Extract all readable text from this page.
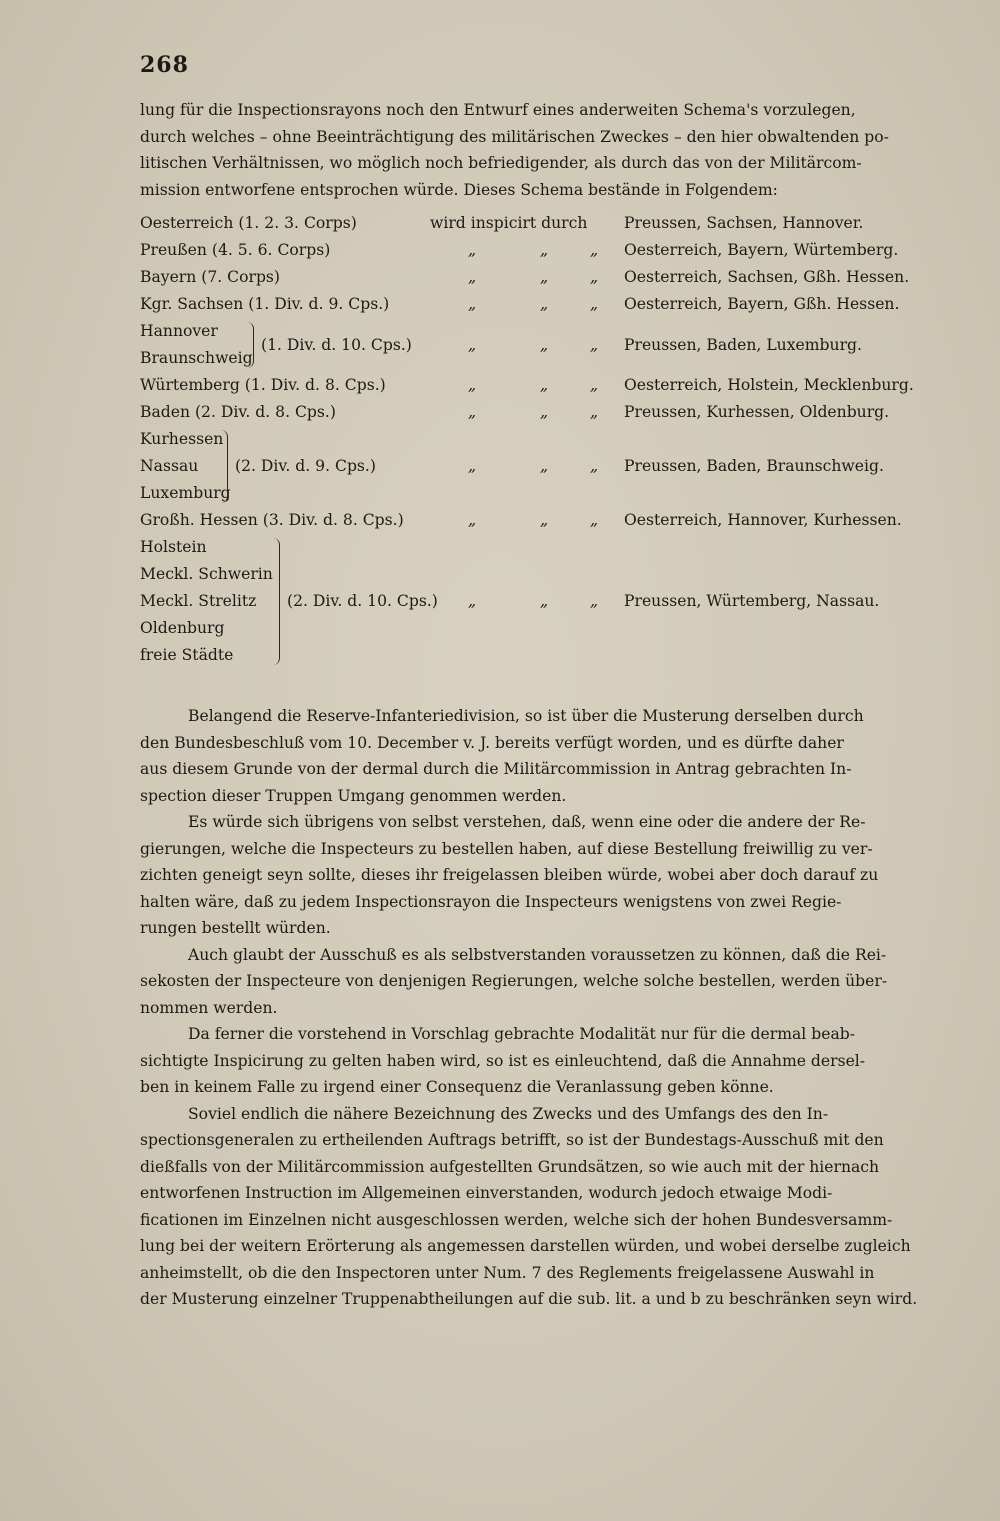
268
lung für die Inspectionsrayons noch den Entwurf eines anderweiten Schema's vorzulegen,
durch welches – ohne Beeinträchtigung des militärischen Zweckes – den hier obwaltenden po-
litischen Verhältnissen, wo möglich noch befriedigender, als durch das von der Militärcom-
mission entworfene entsprochen würde. Dieses Schema bestände in Folgendem:
Oesterreich (1. 2. 3. Corps)	wird inspicirt durch Preussen, Sachsen, Hannover.
Preußen (4. 5. 6. Corps)	„	„	„ Oesterreich, Bayern, Würtemberg.
Bayern (7. Corps)	„	„	„ Oesterreich, Sachsen, Gßh. Hessen.
Kgr. Sachsen (1. Div. d. 9. Cps.)	„	„	„ Oesterreich, Bayern, Gßh. Hessen.
Hannover
Braunschweig
(1. Div. d. 10. Cps.)	„	„	„ Preussen, Baden, Luxemburg.
Würtemberg (1. Div. d. 8. Cps.)	„	„	„ Oesterreich, Holstein, Mecklenburg.
Baden (2. Div. d. 8. Cps.)	„	„	„ Preussen, Kurhessen, Oldenburg.
Kurhessen
Nassau
Luxemburg
(2. Div. d. 9. Cps.)	„	„	„ Preussen, Baden, Braunschweig.
Großh. Hessen (3. Div. d. 8. Cps.)	„	„	„ Oesterreich, Hannover, Kurhessen.
Holstein
Meckl. Schwerin
Meckl. Strelitz
Oldenburg
freie Städte
(2. Div. d. 10. Cps.) „	„	„ Preussen, Würtemberg, Nassau.
Belangend die Reserve-Infanteriedivision, so ist über die Musterung derselben durch
den Bundesbeschluß vom 10. December v. J. bereits verfügt worden, und es dürfte daher
aus diesem Grunde von der dermal durch die Militärcommission in Antrag gebrachten In-
spection dieser Truppen Umgang genommen werden.
Es würde sich übrigens von selbst verstehen, daß, wenn eine oder die andere der Re-
gierungen, welche die Inspecteurs zu bestellen haben, auf diese Bestellung freiwillig zu ver-
zichten geneigt seyn sollte, dieses ihr freigelassen bleiben würde, wobei aber doch darauf zu
halten wäre, daß zu jedem Inspectionsrayon die Inspecteurs wenigstens von zwei Regie-
rungen bestellt würden.
Auch glaubt der Ausschuß es als selbstverstanden voraussetzen zu können, daß die Rei-
sekosten der Inspecteure von denjenigen Regierungen, welche solche bestellen, werden über-
nommen werden.
Da ferner die vorstehend in Vorschlag gebrachte Modalität nur für die dermal beab-
sichtigte Inspicirung zu gelten haben wird, so ist es einleuchtend, daß die Annahme dersel-
ben in keinem Falle zu irgend einer Consequenz die Veranlassung geben könne.
Soviel endlich die nähere Bezeichnung des Zwecks und des Umfangs des den In-
spectionsgeneralen zu ertheilenden Auftrags betrifft, so ist der Bundestags-Ausschuß mit den
dießfalls von der Militärcommission aufgestellten Grundsätzen, so wie auch mit der hiernach
entworfenen Instruction im Allgemeinen einverstanden, wodurch jedoch etwaige Modi-
ficationen im Einzelnen nicht ausgeschlossen werden, welche sich der hohen Bundesversamm-
lung bei der weitern Erörterung als angemessen darstellen würden, und wobei derselbe zugleich
anheimstellt, ob die den Inspectoren unter Num. 7 des Reglements freigelassene Auswahl in
der Musterung einzelner Truppenabtheilungen auf die sub. lit. a und b zu beschränken seyn wird.
